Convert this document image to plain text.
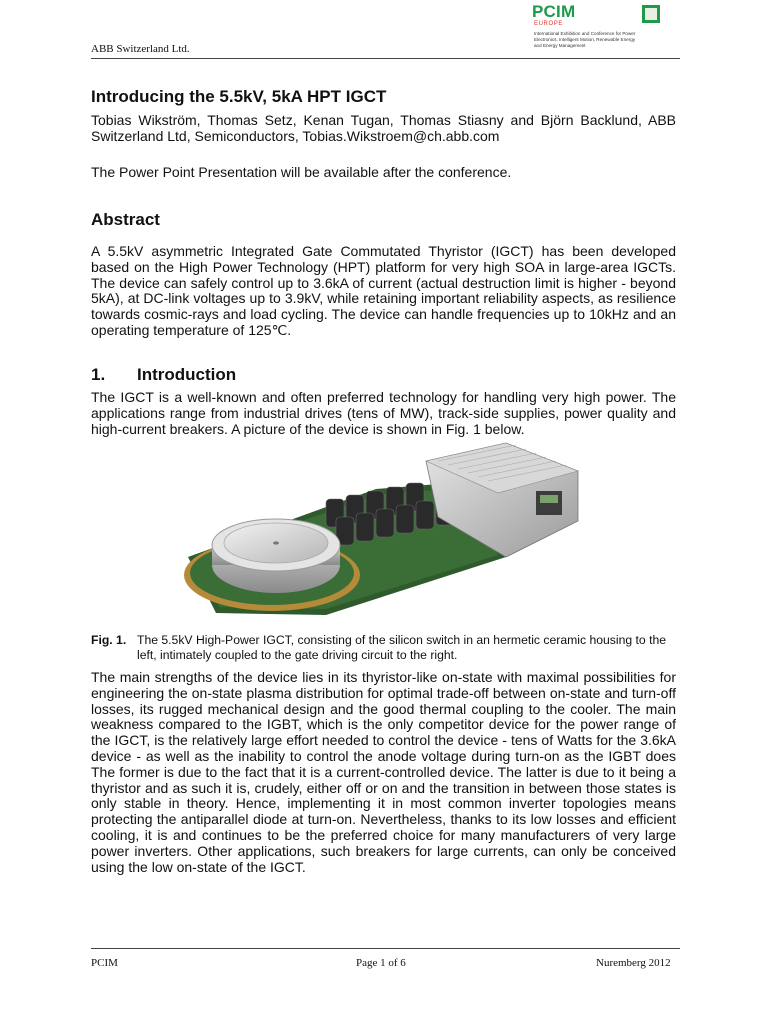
ABB Switzerland Ltd.
PCIM
EUROPE
International Exhibition and Conference for Power Electronics, Intelligent Motion, Renewable Energy and Energy Management
Introducing the 5.5kV, 5kA HPT IGCT
Tobias Wikström, Thomas Setz, Kenan Tugan, Thomas Stiasny and Björn Backlund, ABB Switzerland Ltd, Semiconductors, Tobias.Wikstroem@ch.abb.com
The Power Point Presentation will be available after the conference.
Abstract
A 5.5kV asymmetric Integrated Gate Commutated Thyristor (IGCT) has been developed based on the High Power Technology (HPT) platform for very high SOA in large-area IGCTs. The device can safely control up to 3.6kA of current (actual destruction limit is higher - beyond 5kA), at DC-link voltages up to 3.9kV, while retaining important reliability aspects, as resilience towards cosmic-rays and load cycling. The device can handle frequencies up to 10kHz and an operating temperature of 125℃.
1. Introduction
The IGCT is a well-known and often preferred technology for handling very high power. The applications range from industrial drives (tens of MW), track-side supplies, power quality and high-current breakers. A picture of the device is shown in Fig. 1 below.
Fig. 1. The 5.5kV High-Power IGCT, consisting of the silicon switch in an hermetic ceramic housing to the left, intimately coupled to the gate driving circuit to the right.
The main strengths of the device lies in its thyristor-like on-state with maximal possibilities for engineering the on-state plasma distribution for optimal trade-off between on-state and turn-off losses, its rugged mechanical design and the good thermal coupling to the cooler. The main weakness compared to the IGBT, which is the only competitor device for the power range of the IGCT, is the relatively large effort needed to control the device - tens of Watts for the 3.6kA device - as well as the inability to control the anode voltage during turn-on as the IGBT does The former is due to the fact that it is a current-controlled device. The latter is due to it being a thyristor and as such it is, crudely, either off or on and the transition in between those states is only stable in theory. Hence, implementing it in most common inverter topologies means protecting the antiparallel diode at turn-on. Nevertheless, thanks to its low losses and efficient cooling, it is and continues to be the preferred choice for many manufacturers of very large power inverters. Other applications, such breakers for large currents, can only be conceived using the low on-state of the IGCT.
PCIM	Page 1 of 6	Nuremberg 2012
